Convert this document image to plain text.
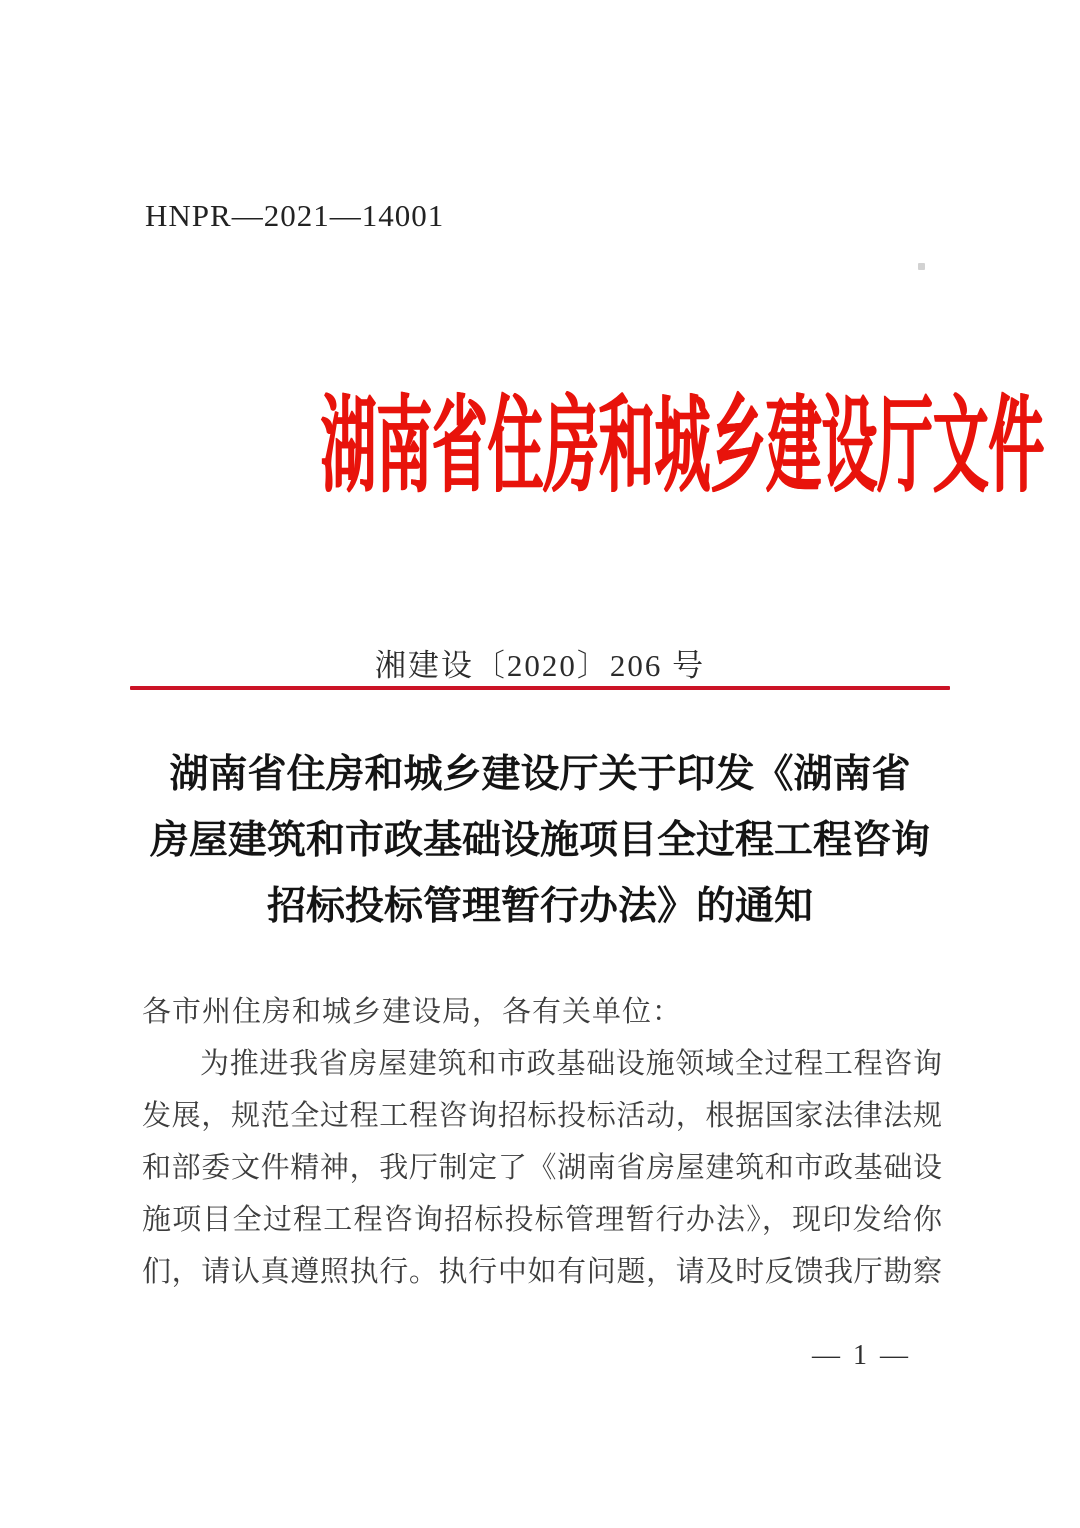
HNPR—2021—14001
湖南省住房和城乡建设厅文件
湘建设〔2020〕206 号
湖南省住房和城乡建设厅关于印发《湖南省
房屋建筑和市政基础设施项目全过程工程咨询
招标投标管理暂行办法》的通知
各市州住房和城乡建设局，各有关单位：
为推进我省房屋建筑和市政基础设施领域全过程工程咨询
发展，规范全过程工程咨询招标投标活动，根据国家法律法规
和部委文件精神，我厅制定了《湖南省房屋建筑和市政基础设
施项目全过程工程咨询招标投标管理暂行办法》，现印发给你
们，请认真遵照执行。执行中如有问题，请及时反馈我厅勘察
— 1 —
